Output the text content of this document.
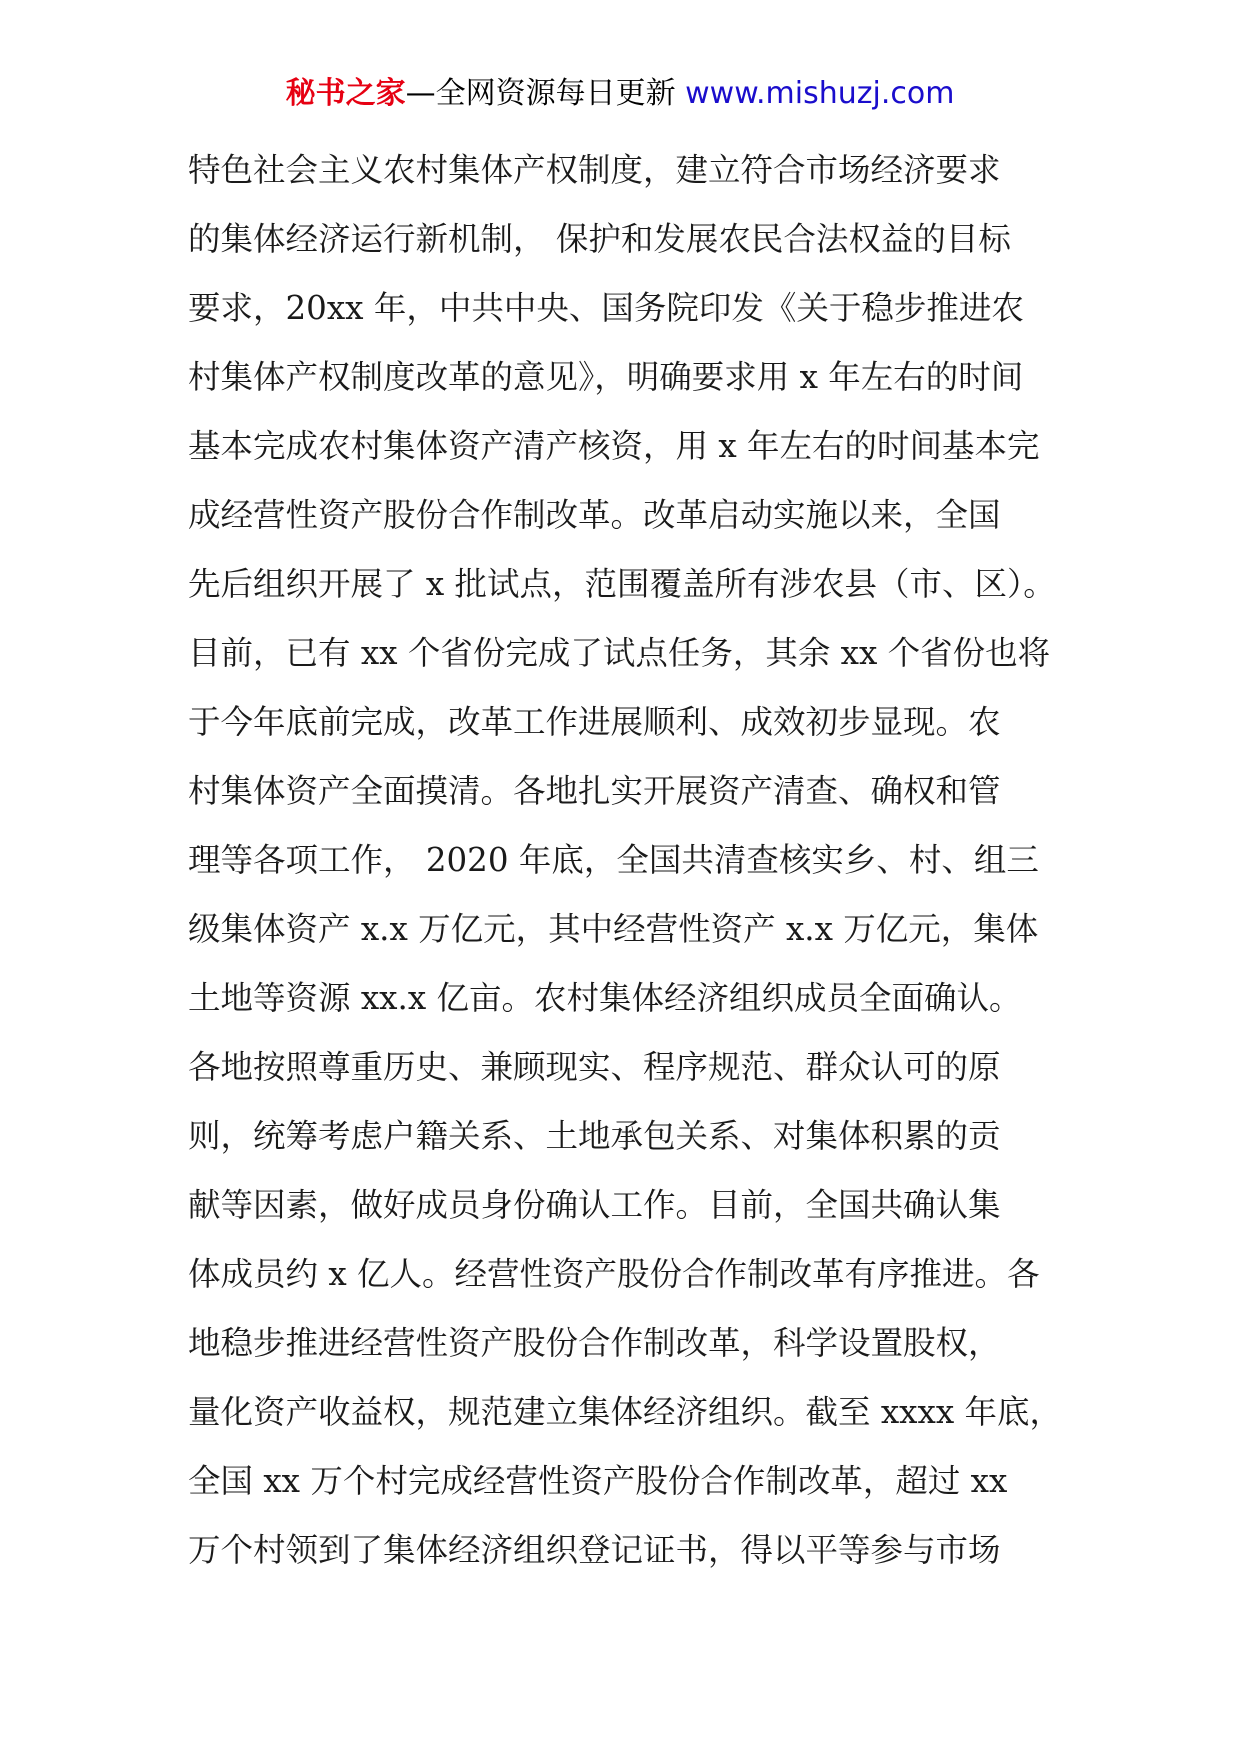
秘书之家—全网资源每日更新 www.mishuzj.com
特色社会主义农村集体产权制度，建立符合市场经济要求
的集体经济运行新机制， 保护和发展农民合法权益的目标
要求，20xx 年，中共中央、国务院印发《关于稳步推进农
村集体产权制度改革的意见》，明确要求用 x 年左右的时间
基本完成农村集体资产清产核资，用 x 年左右的时间基本完
成经营性资产股份合作制改革。改革启动实施以来，全国
先后组织开展了 x 批试点，范围覆盖所有涉农县（市、区）。
目前，已有 xx 个省份完成了试点任务，其余 xx 个省份也将
于今年底前完成，改革工作进展顺利、成效初步显现。农
村集体资产全面摸清。各地扎实开展资产清查、确权和管
理等各项工作， 2020 年底，全国共清查核实乡、村、组三
级集体资产 x.x 万亿元，其中经营性资产 x.x 万亿元，集体
土地等资源 xx.x 亿亩。农村集体经济组织成员全面确认。
各地按照尊重历史、兼顾现实、程序规范、群众认可的原
则，统筹考虑户籍关系、土地承包关系、对集体积累的贡
献等因素，做好成员身份确认工作。目前，全国共确认集
体成员约 x 亿人。经营性资产股份合作制改革有序推进。各
地稳步推进经营性资产股份合作制改革，科学设置股权，
量化资产收益权，规范建立集体经济组织。截至 xxxx 年底，
全国 xx 万个村完成经营性资产股份合作制改革，超过 xx
万个村领到了集体经济组织登记证书，得以平等参与市场
